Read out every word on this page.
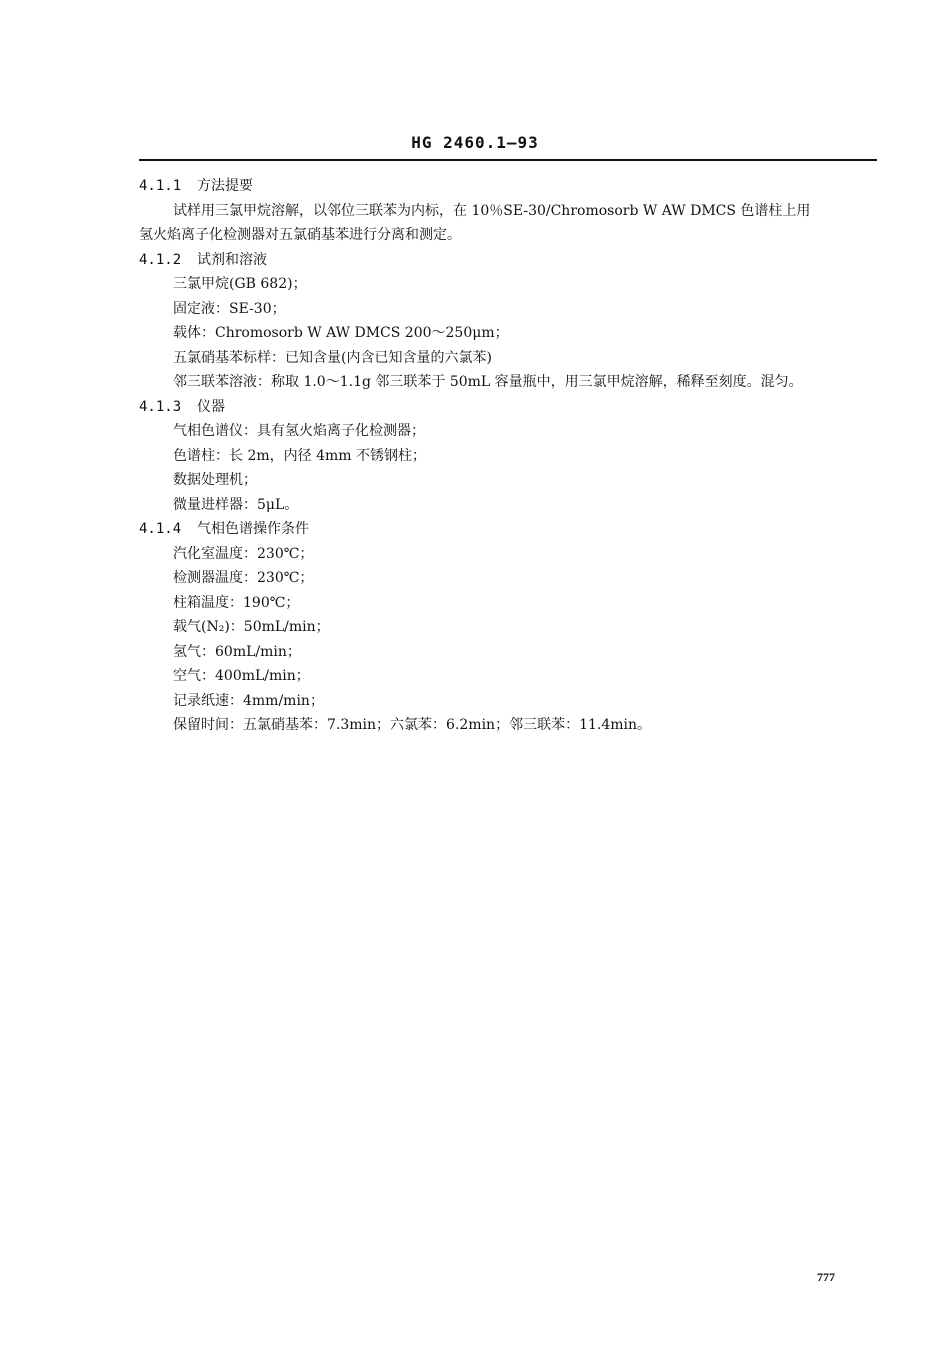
HG 2460.1—93
4.1.1 方法提要
试样用三氯甲烷溶解，以邻位三联苯为内标，在 10％SE-30/Chromosorb W AW DMCS 色谱柱上用
氢火焰离子化检测器对五氯硝基苯进行分离和测定。
4.1.2 试剂和溶液
三氯甲烷(GB 682)；
固定液：SE-30；
载体：Chromosorb W AW DMCS 200～250μm；
五氯硝基苯标样：已知含量(内含已知含量的六氯苯)
邻三联苯溶液：称取 1.0～1.1g 邻三联苯于 50mL 容量瓶中，用三氯甲烷溶解，稀释至刻度。混匀。
4.1.3 仪器
气相色谱仪：具有氢火焰离子化检测器；
色谱柱：长 2m，内径 4mm 不锈钢柱；
数据处理机；
微量进样器：5μL。
4.1.4 气相色谱操作条件
汽化室温度：230℃；
检测器温度：230℃；
柱箱温度：190℃；
载气(N₂)：50mL/min；
氢气：60mL/min；
空气：400mL/min；
记录纸速：4mm/min；
保留时间：五氯硝基苯：7.3min；六氯苯：6.2min；邻三联苯：11.4min。
777
